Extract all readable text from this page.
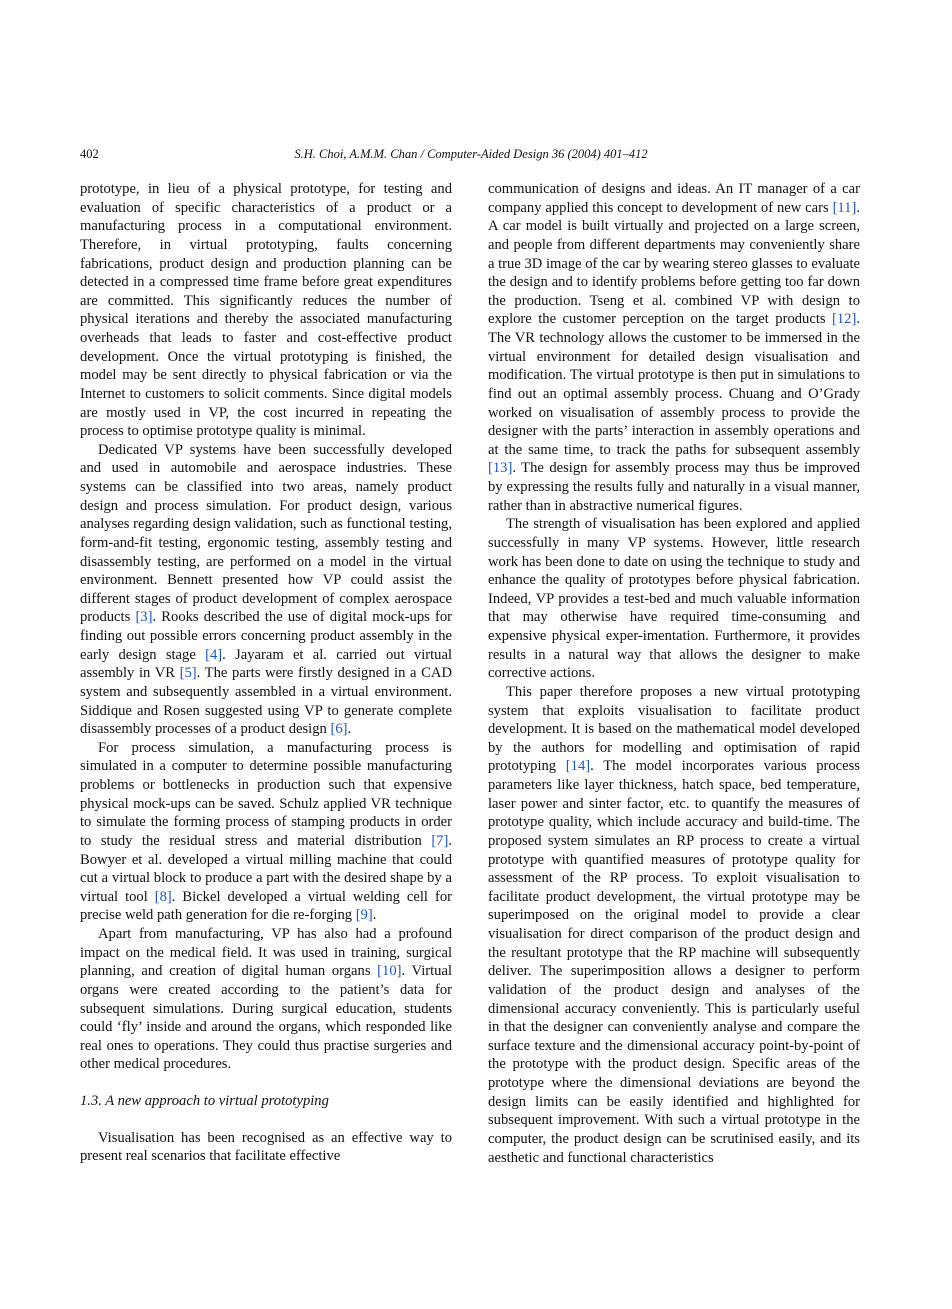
402	S.H. Choi, A.M.M. Chan / Computer-Aided Design 36 (2004) 401–412

prototype, in lieu of a physical prototype, for testing and evaluation of specific characteristics of a product or a manufacturing process in a computational environment. Therefore, in virtual prototyping, faults concerning fabrications, product design and production planning can be detected in a compressed time frame before great expenditures are committed. This significantly reduces the number of physical iterations and thereby the associated manufacturing overheads that leads to faster and cost-effective product development. Once the virtual prototyping is finished, the model may be sent directly to physical fabrication or via the Internet to customers to solicit comments. Since digital models are mostly used in VP, the cost incurred in repeating the process to optimise prototype quality is minimal.

Dedicated VP systems have been successfully developed and used in automobile and aerospace industries. These systems can be classified into two areas, namely product design and process simulation. For product design, various analyses regarding design validation, such as functional testing, form-and-fit testing, ergonomic testing, assembly testing and disassembly testing, are performed on a model in the virtual environment. Bennett presented how VP could assist the different stages of product development of complex aerospace products [3]. Rooks described the use of digital mock-ups for finding out possible errors concerning product assembly in the early design stage [4]. Jayaram et al. carried out virtual assembly in VR [5]. The parts were firstly designed in a CAD system and subsequently assembled in a virtual environment. Siddique and Rosen suggested using VP to generate complete disassembly processes of a product design [6].

For process simulation, a manufacturing process is simulated in a computer to determine possible manufacturing problems or bottlenecks in production such that expensive physical mock-ups can be saved. Schulz applied VR technique to simulate the forming process of stamping products in order to study the residual stress and material distribution [7]. Bowyer et al. developed a virtual milling machine that could cut a virtual block to produce a part with the desired shape by a virtual tool [8]. Bickel developed a virtual welding cell for precise weld path generation for die re-forging [9].

Apart from manufacturing, VP has also had a profound impact on the medical field. It was used in training, surgical planning, and creation of digital human organs [10]. Virtual organs were created according to the patient’s data for subsequent simulations. During surgical education, students could ‘fly’ inside and around the organs, which responded like real ones to operations. They could thus practise surgeries and other medical procedures.

1.3. A new approach to virtual prototyping

Visualisation has been recognised as an effective way to present real scenarios that facilitate effective

communication of designs and ideas. An IT manager of a car company applied this concept to development of new cars [11]. A car model is built virtually and projected on a large screen, and people from different departments may conveniently share a true 3D image of the car by wearing stereo glasses to evaluate the design and to identify problems before getting too far down the production. Tseng et al. combined VP with design to explore the customer perception on the target products [12]. The VR technology allows the customer to be immersed in the virtual environment for detailed design visualisation and modification. The virtual prototype is then put in simulations to find out an optimal assembly process. Chuang and O’Grady worked on visualisation of assembly process to provide the designer with the parts’ interaction in assembly operations and at the same time, to track the paths for subsequent assembly [13]. The design for assembly process may thus be improved by expressing the results fully and naturally in a visual manner, rather than in abstractive numerical figures.

The strength of visualisation has been explored and applied successfully in many VP systems. However, little research work has been done to date on using the technique to study and enhance the quality of prototypes before physical fabrication. Indeed, VP provides a test-bed and much valuable information that may otherwise have required time-consuming and expensive physical exper-imentation. Furthermore, it provides results in a natural way that allows the designer to make corrective actions.

This paper therefore proposes a new virtual prototyping system that exploits visualisation to facilitate product development. It is based on the mathematical model developed by the authors for modelling and optimisation of rapid prototyping [14]. The model incorporates various process parameters like layer thickness, hatch space, bed temperature, laser power and sinter factor, etc. to quantify the measures of prototype quality, which include accuracy and build-time. The proposed system simulates an RP process to create a virtual prototype with quantified measures of prototype quality for assessment of the RP process. To exploit visualisation to facilitate product development, the virtual prototype may be superimposed on the original model to provide a clear visualisation for direct comparison of the product design and the resultant prototype that the RP machine will subsequently deliver. The superimposition allows a designer to perform validation of the product design and analyses of the dimensional accuracy conveniently. This is particularly useful in that the designer can conveniently analyse and compare the surface texture and the dimensional accuracy point-by-point of the prototype with the product design. Specific areas of the prototype where the dimensional deviations are beyond the design limits can be easily identified and highlighted for subsequent improvement. With such a virtual prototype in the computer, the product design can be scrutinised easily, and its aesthetic and functional characteristics
